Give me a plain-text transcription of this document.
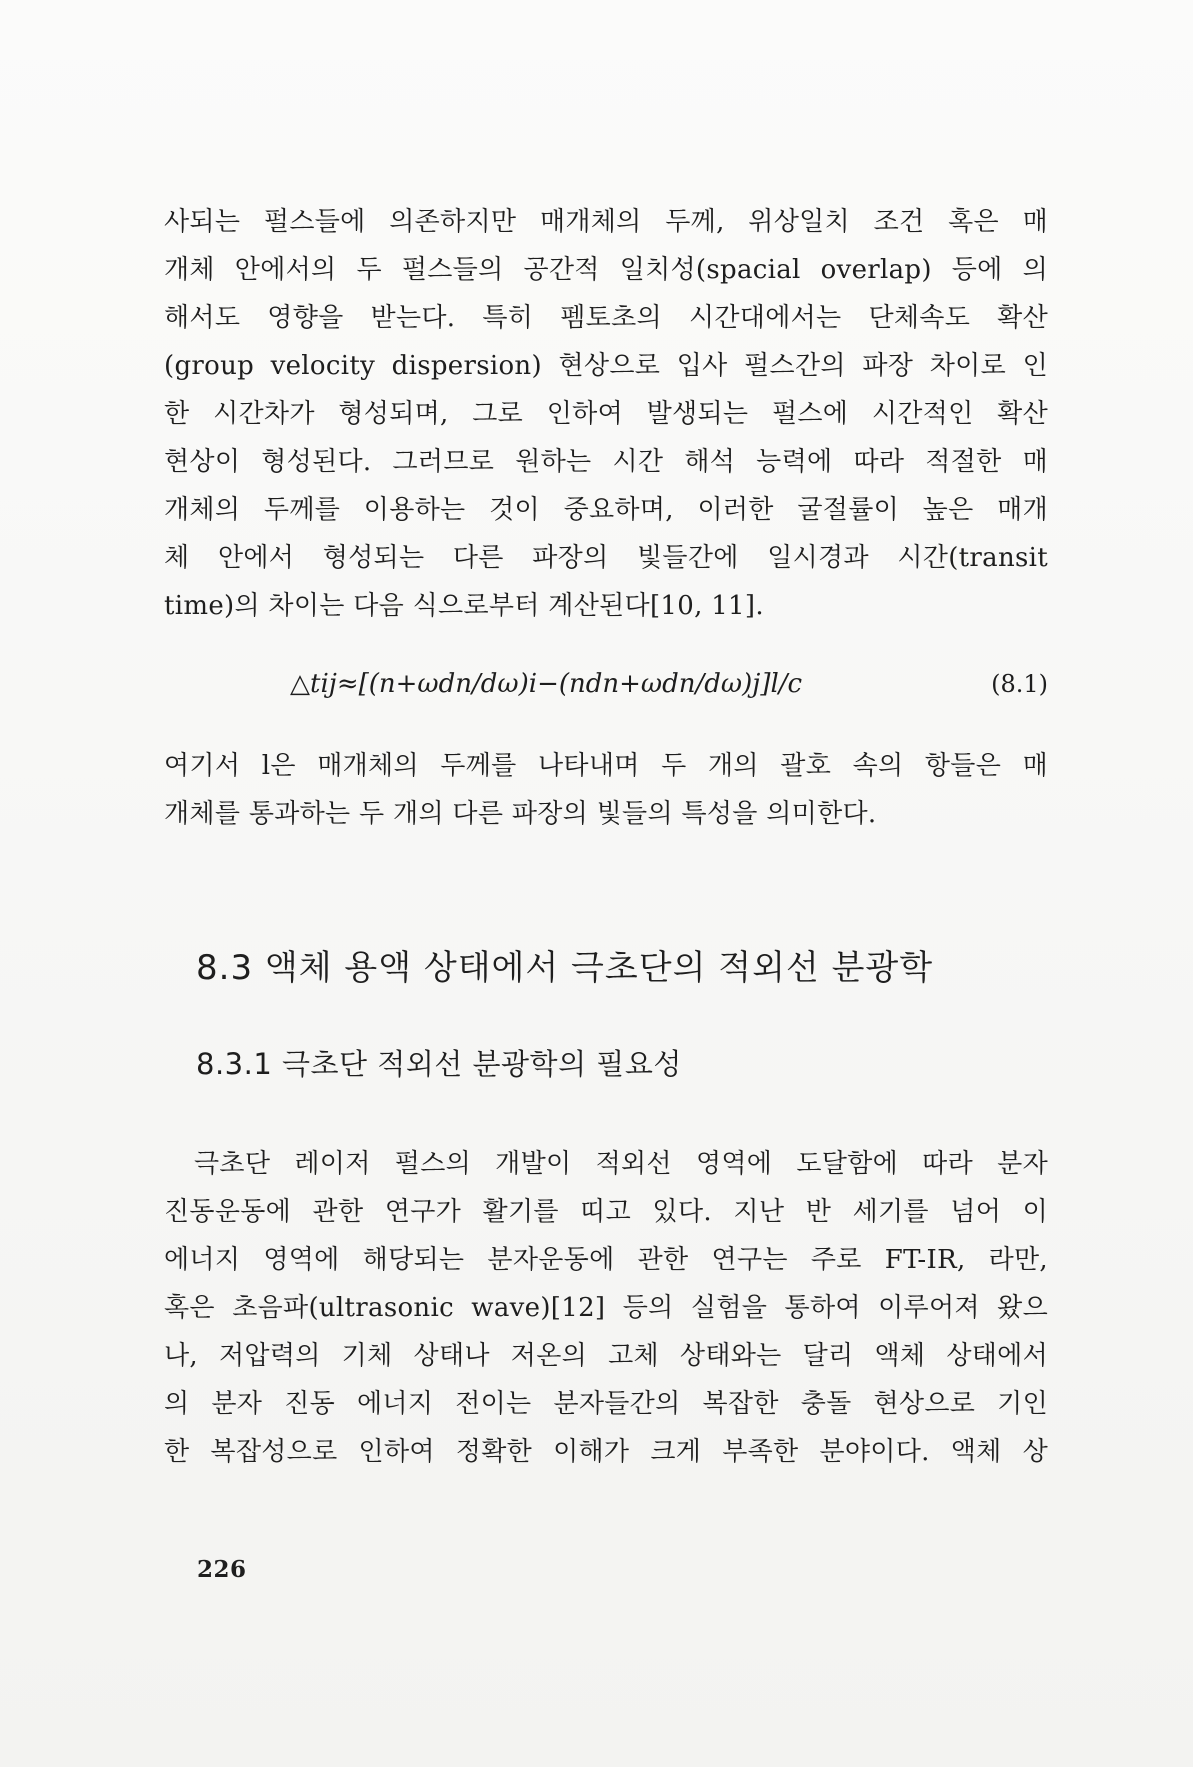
사되는 펄스들에 의존하지만 매개체의 두께, 위상일치 조건 혹은 매
개체 안에서의 두 펄스들의 공간적 일치성(spacial overlap) 등에 의
해서도 영향을 받는다. 특히 펨토초의 시간대에서는 단체속도 확산
(group velocity dispersion) 현상으로 입사 펄스간의 파장 차이로 인
한 시간차가 형성되며, 그로 인하여 발생되는 펄스에 시간적인 확산
현상이 형성된다. 그러므로 원하는 시간 해석 능력에 따라 적절한 매
개체의 두께를 이용하는 것이 중요하며, 이러한 굴절률이 높은 매개
체 안에서 형성되는 다른 파장의 빛들간에 일시경과 시간(transit
time)의 차이는 다음 식으로부터 계산된다[10, 11].
△tij≈[(n+ωdn/dω)i−(ndn+ωdn/dω)j]l/c	(8.1)
여기서 l은 매개체의 두께를 나타내며 두 개의 괄호 속의 항들은 매
개체를 통과하는 두 개의 다른 파장의 빛들의 특성을 의미한다.
8.3 액체 용액 상태에서 극초단의 적외선 분광학
8.3.1 극초단 적외선 분광학의 필요성
극초단 레이저 펄스의 개발이 적외선 영역에 도달함에 따라 분자
진동운동에 관한 연구가 활기를 띠고 있다. 지난 반 세기를 넘어 이
에너지 영역에 해당되는 분자운동에 관한 연구는 주로 FT-IR, 라만,
혹은 초음파(ultrasonic wave)[12] 등의 실험을 통하여 이루어져 왔으
나, 저압력의 기체 상태나 저온의 고체 상태와는 달리 액체 상태에서
의 분자 진동 에너지 전이는 분자들간의 복잡한 충돌 현상으로 기인
한 복잡성으로 인하여 정확한 이해가 크게 부족한 분야이다. 액체 상
226
